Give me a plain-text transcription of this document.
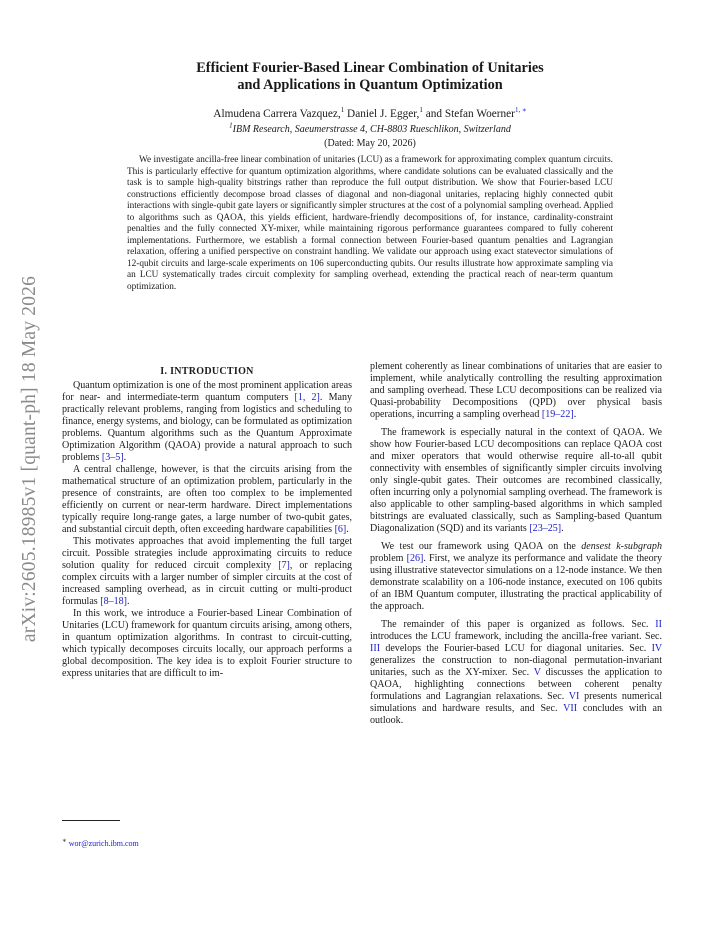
arXiv:2605.18985v1 [quant-ph] 18 May 2026
Efficient Fourier-Based Linear Combination of Unitaries
and Applications in Quantum Optimization
Almudena Carrera Vazquez,$^1$ Daniel J. Egger,$^1$ and Stefan Woerner$^{1, ∗}$
$^1$IBM Research, Saeumerstrasse 4, CH-8803 Rueschlikon, Switzerland
(Dated: May 20, 2026)

We investigate ancilla-free linear combination of unitaries (LCU) as a framework for approximating complex quantum circuits. This is particularly effective for quantum optimization algorithms, where candidate solutions can be evaluated classically and the task is to sample high-quality bitstrings rather than reproduce the full output distribution. We show that Fourier-based LCU constructions efficiently decompose broad classes of diagonal and non-diagonal unitaries, replacing highly connected qubit interactions with single-qubit gate layers or significantly simpler structures at the cost of a polynomial sampling overhead. Applied to algorithms such as QAOA, this yields efficient, hardware-friendly decompositions of, for instance, cardinality-constraint penalties and the fully connected XY-mixer, while maintaining rigorous performance guarantees compared to fully coherent implementations. Furthermore, we establish a formal connection between Fourier-based quantum penalties and Lagrangian relaxation, offering a unified perspective on constraint handling. We validate our approach using exact statevector simulations of 12-qubit circuits and large-scale experiments on 106 superconducting qubits. Our results illustrate how approximate sampling via an LCU systematically trades circuit complexity for sampling overhead, extending the practical reach of near-term quantum optimization.

I. INTRODUCTION

Quantum optimization is one of the most prominent application areas for near- and intermediate-term quantum computers [1, 2]. Many practically relevant problems, ranging from logistics and scheduling to finance, energy systems, and biology, can be formulated as optimization problems. Quantum algorithms such as the Quantum Approximate Optimization Algorithm (QAOA) provide a natural approach to such problems [3–5].

A central challenge, however, is that the circuits arising from the mathematical structure of an optimization problem, particularly in the presence of constraints, are often too complex to be implemented efficiently on current or near-term hardware. Direct implementations typically require long-range gates, a large number of two-qubit gates, and substantial circuit depth, often exceeding hardware capabilities [6].

This motivates approaches that avoid implementing the full target circuit. Possible strategies include approximating circuits to reduce solution quality for reduced circuit complexity [7], or replacing complex circuits with a larger number of simpler circuits at the cost of increased sampling overhead, as in circuit cutting or multi-product formulas [8–18].

In this work, we introduce a Fourier-based Linear Combination of Unitaries (LCU) framework for quantum circuits arising, among others, in quantum optimization algorithms. In contrast to circuit-cutting, which typically decomposes circuits locally, our approach performs a global decomposition. The key idea is to exploit Fourier structure to express unitaries that are difficult to im-

plement coherently as linear combinations of unitaries that are easier to implement, while analytically controlling the resulting approximation and sampling overhead. These LCU decompositions can be realized via Quasi-probability Decompositions (QPD) over physical basis operations, incurring a sampling overhead [19–22].

The framework is especially natural in the context of QAOA. We show how Fourier-based LCU decompositions can replace QAOA cost and mixer operators that would otherwise require all-to-all qubit connectivity with ensembles of significantly simpler circuits involving only single-qubit gates. Their outcomes are recombined classically, often incurring only a polynomial sampling overhead. The framework is also applicable to other sampling-based algorithms in which sampled bitstrings are evaluated classically, such as Sampling-based Quantum Diagonalization (SQD) and its variants [23–25].

We test our framework using QAOA on the densest k-subgraph problem [26]. First, we analyze its performance and validate the theory using illustrative statevector simulations on a 12-node instance. We then demonstrate scalability on a 106-node instance, executed on 106 qubits of an IBM Quantum computer, illustrating the practical applicability of the approach.

The remainder of this paper is organized as follows. Sec. II introduces the LCU framework, including the ancilla-free variant. Sec. III develops the Fourier-based LCU for diagonal unitaries. Sec. IV generalizes the construction to non-diagonal permutation-invariant unitaries, such as the XY-mixer. Sec. V discusses the application to QAOA, highlighting connections between coherent penalty formulations and Lagrangian relaxations. Sec. VI presents numerical simulations and hardware results, and Sec. VII concludes with an outlook.

∗ wor@zurich.ibm.com
